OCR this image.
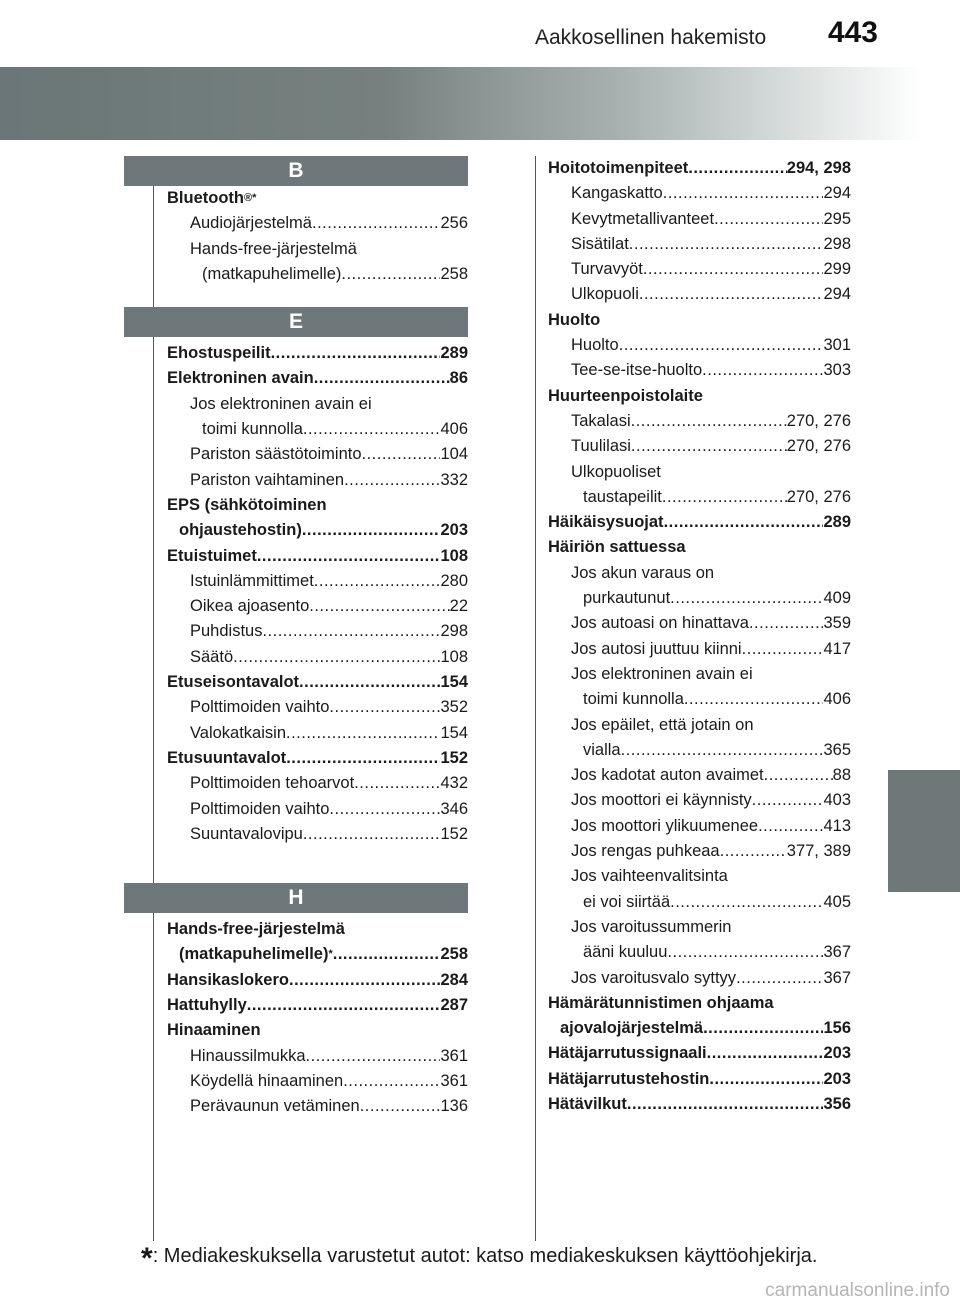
Aakkosellinen hakemisto 443
B
Bluetooth ®*
Audiojärjestelmä .....	256
Hands-free-järjestelmä
(matkapuhelimelle) .....	258
E
Ehostuspeilit .....	289
Elektroninen avain .....	86
Jos elektroninen avain ei
toimi kunnolla .....	406
Pariston säästötoiminto .....	104
Pariston vaihtaminen .....	332
EPS (sähkötoiminen
ohjaustehostin) .....	203
Etuistuimet .....	108
Istuinlämmittimet .....	280
Oikea ajoasento .....	22
Puhdistus .....	298
Säätö .....	108
Etuseisontavalot .....	154
Polttimoiden vaihto .....	352
Valokatkaisin .....	154
Etusuuntavalot .....	152
Polttimoiden tehoarvot .....	432
Polttimoiden vaihto .....	346
Suuntavalovipu .....	152
H
Hands-free-järjestelmä
(matkapuhelimelle) * .....	258
Hansikaslokero .....	284
Hattuhylly .....	287
Hinaaminen
Hinaussilmukka .....	361
Köydellä hinaaminen .....	361
Perävaunun vetäminen .....	136
Hoitotoimenpiteet .....	294, 298
Kangaskatto .....	294
Kevytmetallivanteet .....	295
Sisätilat .....	298
Turvavyöt .....	299
Ulkopuoli .....	294
Huolto
Huolto .....	301
Tee-se-itse-huolto .....	303
Huurteenpoistolaite
Takalasi .....	270, 276
Tuulilasi .....	270, 276
Ulkopuoliset
taustapeilit .....	270, 276
Häikäisysuojat .....	289
Häiriön sattuessa
Jos akun varaus on
purkautunut .....	409
Jos autoasi on hinattava .....	359
Jos autosi juuttuu kiinni .....	417
Jos elektroninen avain ei
toimi kunnolla .....	406
Jos epäilet, että jotain on
vialla .....	365
Jos kadotat auton avaimet .....	88
Jos moottori ei käynnisty .....	403
Jos moottori ylikuumenee .....	413
Jos rengas puhkeaa .....	377, 389
Jos vaihteenvalitsinta
ei voi siirtää .....	405
Jos varoitussummerin
ääni kuuluu .....	367
Jos varoitusvalo syttyy .....	367
Hämärätunnistimen ohjaama
ajovalojärjestelmä .....	156
Hätäjarrutussignaali .....	203
Hätäjarrutustehostin .....	203
Hätävilkut .....	356
*: Mediakeskuksella varustetut autot: katso mediakeskuksen käyttöohjekirja.
carmanualsonline.info
